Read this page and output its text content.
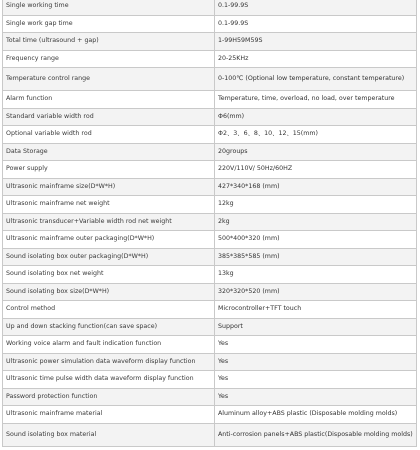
Single working time	0.1-99.9S
Single work gap time	0.1-99.9S
Total time (ultrasound + gap)	1-99H59M59S
Frequency range	20-25KHz
Temperature control range	0-100℃ (Optional low temperature, constant temperature)
Alarm function	Temperature, time, overload, no load, over temperature
Standard variable width rod	Φ6(mm)
Optional variable width rod	Φ2、3、6、8、10、12、15(mm)
Data Storage	20groups
Power supply	220V/110V/ 50Hz/60HZ
Ultrasonic mainframe size(D*W*H)	427*340*168 (mm)
Ultrasonic mainframe net weight	12kg
Ultrasonic transducer+Variable width rod net weight	2kg
Ultrasonic mainframe outer packaging(D*W*H)	500*400*320 (mm)
Sound isolating box outer packaging(D*W*H)	385*385*585 (mm)
Sound isolating box net weight	13kg
Sound isolating box size(D*W*H)	320*320*520 (mm)
Control method	Microcontroller+TFT touch
Up and down stacking function(can save space)	Support
Working voice alarm and fault indication function	Yes
Ultrasonic power simulation data waveform display function	Yes
Ultrasonic time pulse width data waveform display function	Yes
Password protection function	Yes
Ultrasonic mainframe material	Aluminum alloy+ABS plastic (Disposable molding molds)
Sound isolating box material	Anti-corrosion panels+ABS plastic(Disposable molding molds)
